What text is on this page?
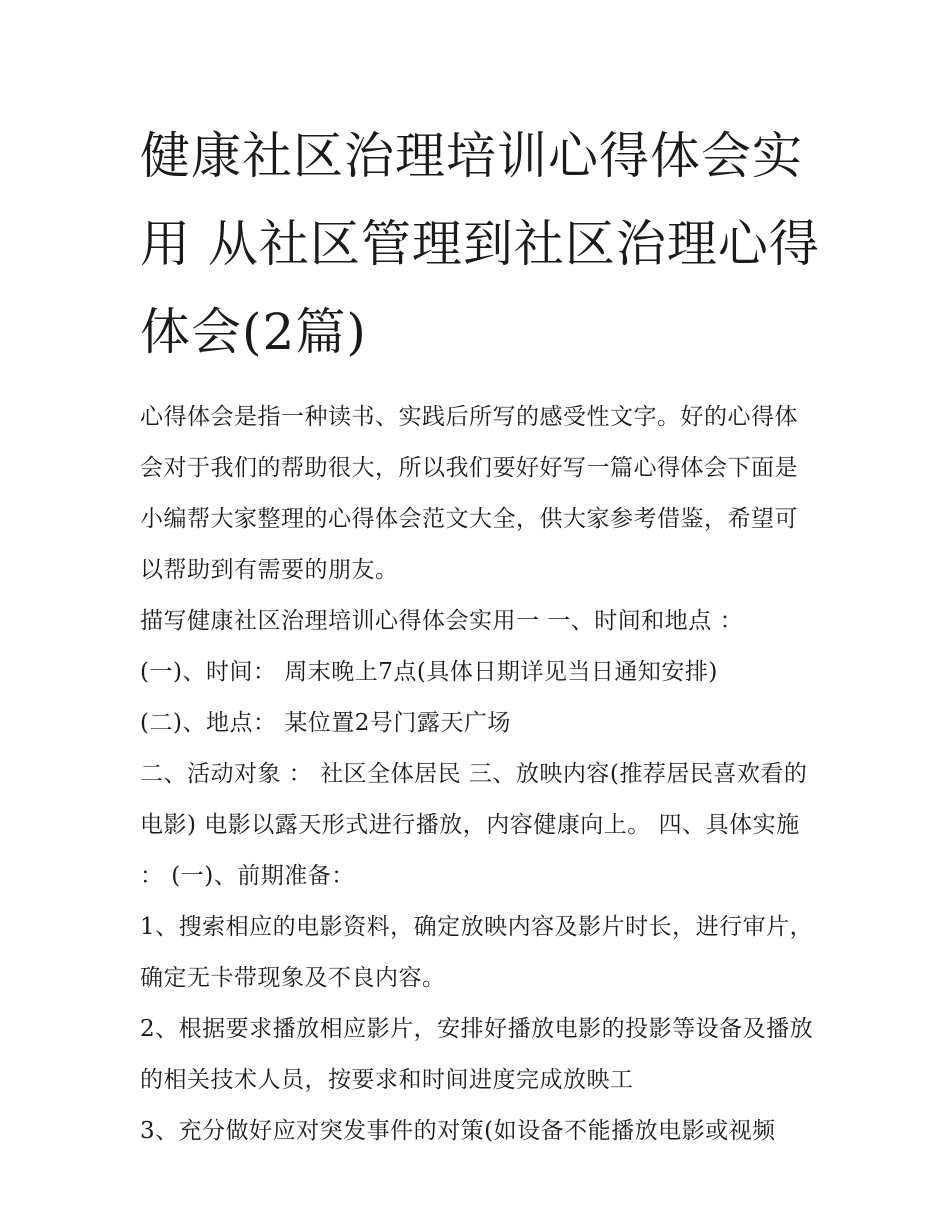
健康社区治理培训心得体会实用 从社区管理到社区治理心得体会(2篇)

心得体会是指一种读书、实践后所写的感受性文字。好的心得体会对于我们的帮助很大，所以我们要好好写一篇心得体会下面是小编帮大家整理的心得体会范文大全，供大家参考借鉴，希望可以帮助到有需要的朋友。

描写健康社区治理培训心得体会实用一 一、时间和地点 ：

(一)、时间： 周末晚上7点(具体日期详见当日通知安排)

(二)、地点： 某位置2号门露天广场

二、活动对象 ： 社区全体居民 三、放映内容(推荐居民喜欢看的电影) 电影以露天形式进行播放，内容健康向上。 四、具体实施 ： (一)、前期准备：

1、搜索相应的电影资料，确定放映内容及影片时长，进行审片，确定无卡带现象及不良内容。

2、根据要求播放相应影片，安排好播放电影的投影等设备及播放的相关技术人员，按要求和时间进度完成放映工

3、充分做好应对突发事件的对策(如设备不能播放电影或视频
